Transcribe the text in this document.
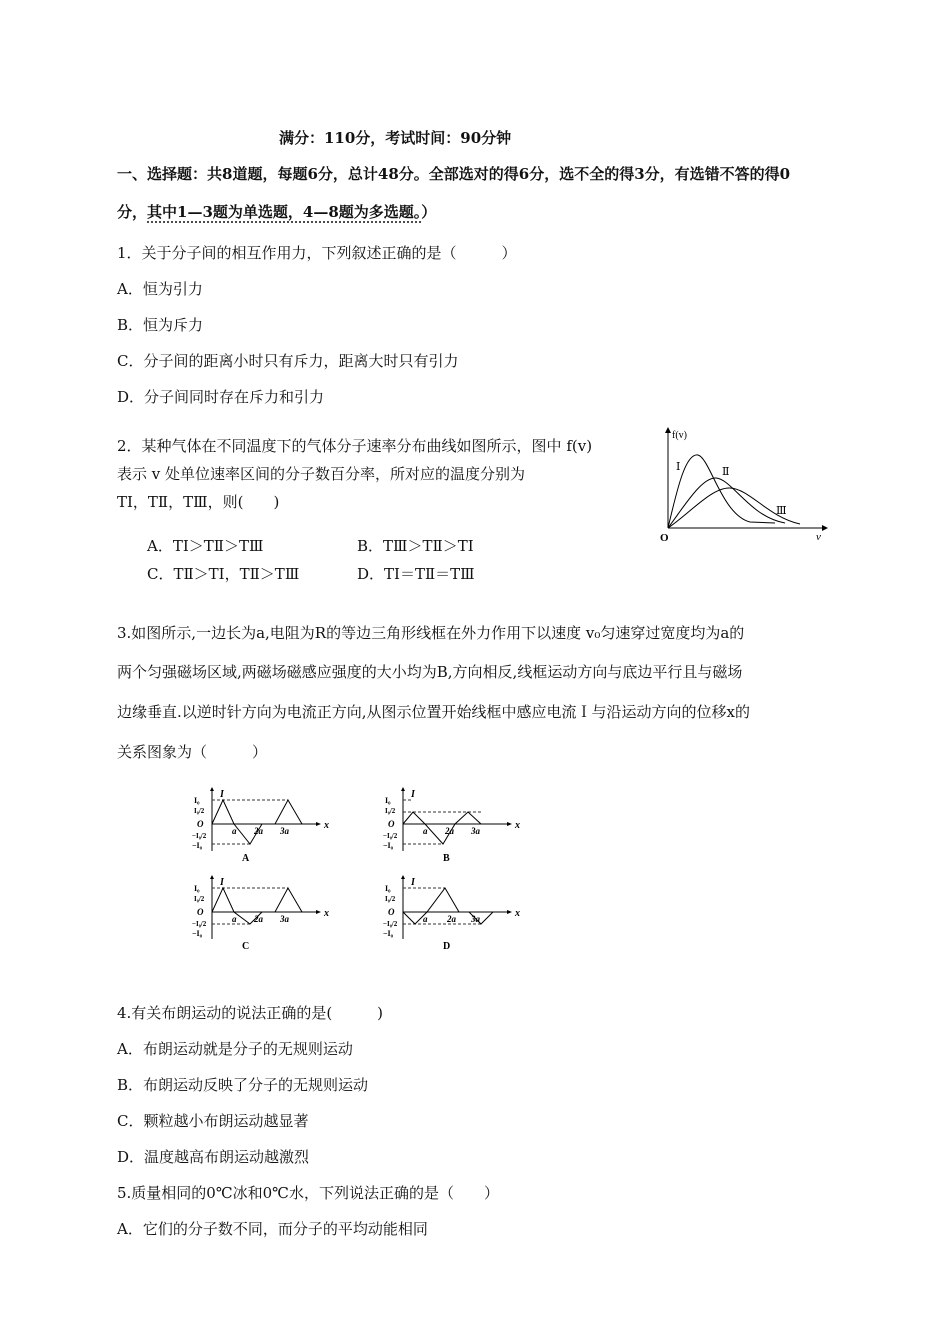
满分：110分，考试时间：90分钟
一、选择题：共8道题，每题6分，总计48分。全部选对的得6分，选不全的得3分，有选错不答的得0
分，其中1—3题为单选题，4—8题为多选题。）
1．关于分子间的相互作用力，下列叙述正确的是（　　　）
A．恒为引力
B．恒为斥力
C．分子间的距离小时只有斥力，距离大时只有引力
D．分子间同时存在斥力和引力
2．某种气体在不同温度下的气体分子速率分布曲线如图所示，图中 f(v)
表示 v 处单位速率区间的分子数百分率，所对应的温度分别为
TⅠ，TⅡ，TⅢ，则(　　)
A．TⅠ＞TⅡ＞TⅢ	B．TⅢ＞TⅡ＞TⅠ
C．TⅡ＞TⅠ，TⅡ＞TⅢ	D．TⅠ＝TⅡ＝TⅢ
f(v)
v
O
Ⅰ	Ⅱ
Ⅲ
3.如图所示,一边长为a,电阻为R的等边三角形线框在外力作用下以速度 v₀匀速穿过宽度均为a的
两个匀强磁场区域,两磁场磁感应强度的大小均为B,方向相反,线框运动方向与底边平行且与磁场
边缘垂直.以逆时针方向为电流正方向,从图示位置开始线框中感应电流Ｉ与沿运动方向的位移x的
关系图象为（　　　）
I
x
a 2a 3a
I₀
I₀/2
O
−I₀/2
−I₀
A
I
x
a 2a 3a
I₀
I₀/2
O
−I₀/2
−I₀
B
I
x
a 2a 3a
I₀
I₀/2
O
−I₀/2
−I₀
C
I
x
a 2a 3a
I₀
I₀/2
O
−I₀/2
−I₀
D
4.有关布朗运动的说法正确的是(　　　)
A．布朗运动就是分子的无规则运动
B．布朗运动反映了分子的无规则运动
C．颗粒越小布朗运动越显著
D．温度越高布朗运动越激烈
5.质量相同的0℃冰和0℃水，下列说法正确的是（　　）
A．它们的分子数不同，而分子的平均动能相同
